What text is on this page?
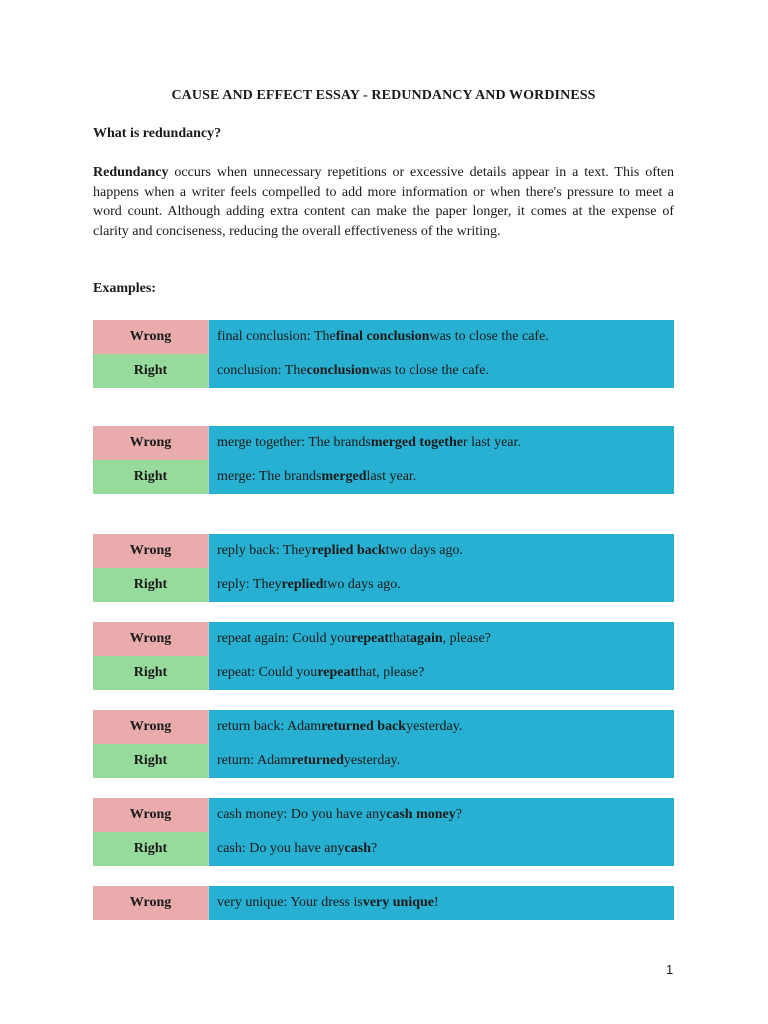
CAUSE AND EFFECT ESSAY - REDUNDANCY AND WORDINESS
What is redundancy?
Redundancy occurs when unnecessary repetitions or excessive details appear in a text. This often happens when a writer feels compelled to add more information or when there's pressure to meet a word count. Although adding extra content can make the paper longer, it comes at the expense of clarity and conciseness, reducing the overall effectiveness of the writing.
Examples:
Wrong	final conclusion: The final conclusion was to close the cafe.
Right	conclusion: The conclusion was to close the cafe.
Wrong	merge together: The brands merged togethe r last year.
Right	merge: The brands merged last year.
Wrong	reply back: They replied back two days ago.
Right	reply: They replied two days ago.
Wrong	repeat again: Could you repeat that again , please?
Right	repeat: Could you repeat that, please?
Wrong	return back: Adam returned back yesterday.
Right	return: Adam returned yesterday.
Wrong	cash money: Do you have any cash money ?
Right	cash: Do you have any cash ?
Wrong	very unique: Your dress is very unique !
1
